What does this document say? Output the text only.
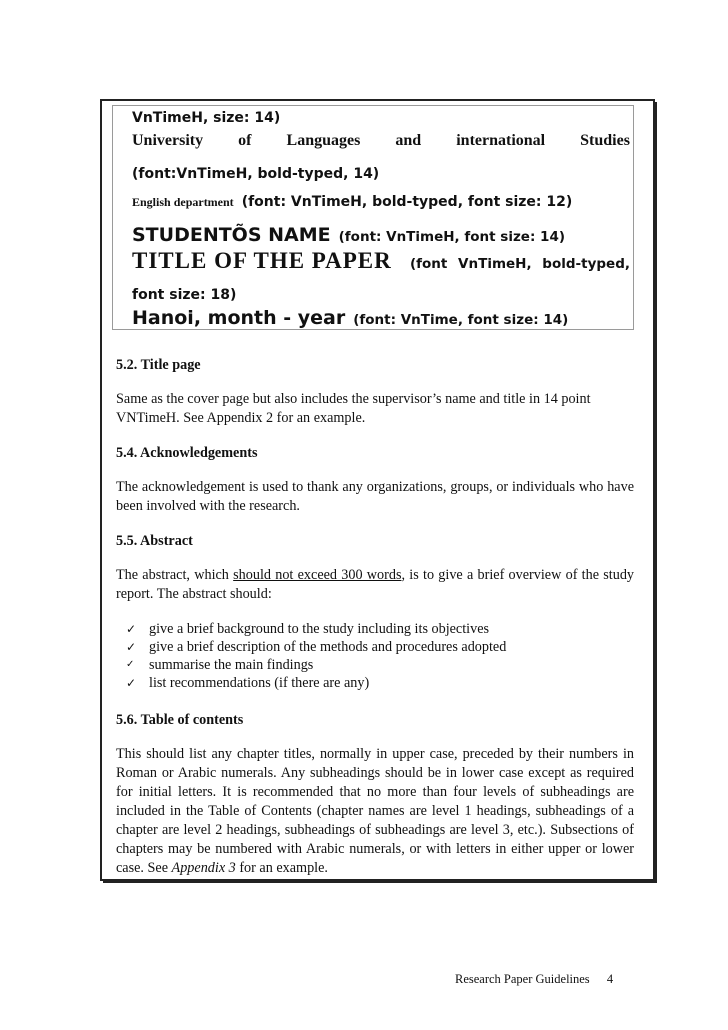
VnTimeH, size: 14)
University of Languages and international Studies
(font:VnTimeH, bold-typed, 14)
English department (font: VnTimeH, bold-typed, font size: 12)
STUDENTÕS NAME (font: VnTimeH, font size: 14)
TITLE OF THE PAPER (font VnTimeH, bold-typed,
font size: 18)
Hanoi, month - year (font: VnTime, font size: 14)
5.2. Title page
Same as the cover page but also includes the supervisor’s name and title in 14 point VNTimeH. See Appendix 2 for an example.
5.4. Acknowledgements
The acknowledgement is used to thank any organizations, groups, or individuals who have been involved with the research.
5.5. Abstract
The abstract, which should not exceed 300 words, is to give a brief overview of the study report. The abstract should:
✓ give a brief background to the study including its objectives
✓ give a brief description of the methods and procedures adopted
✓ summarise the main findings
✓ list recommendations (if there are any)
5.6. Table of contents
This should list any chapter titles, normally in upper case, preceded by their numbers in Roman or Arabic numerals. Any subheadings should be in lower case except as required for initial letters. It is recommended that no more than four levels of subheadings are included in the Table of Contents (chapter names are level 1 headings, subheadings of a chapter are level 2 headings, subheadings of subheadings are level 3, etc.). Subsections of chapters may be numbered with Arabic numerals, or with letters in either upper or lower case. See Appendix 3 for an example.
Research Paper Guidelines 4
